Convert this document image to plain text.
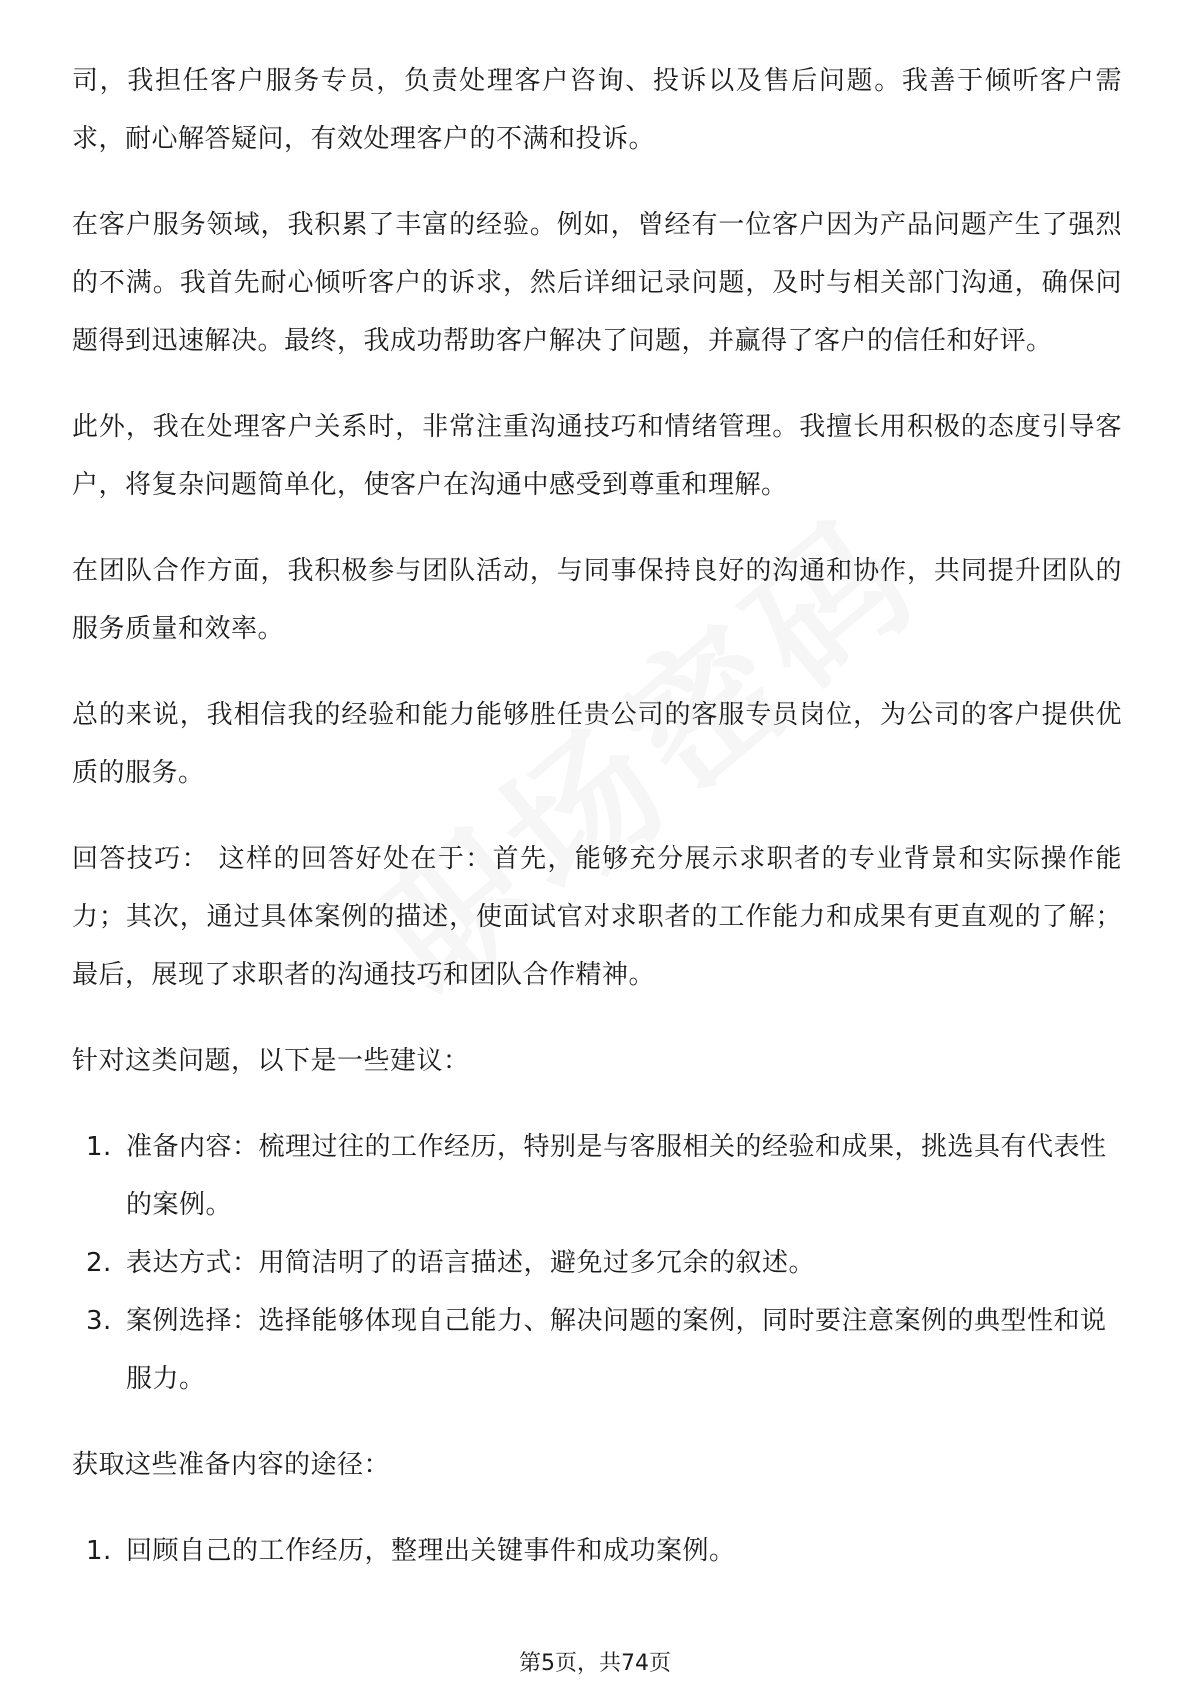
司，我担任客户服务专员，负责处理客户咨询、投诉以及售后问题。我善于倾听客户需求，耐心解答疑问，有效处理客户的不满和投诉。

在客户服务领域，我积累了丰富的经验。例如，曾经有一位客户因为产品问题产生了强烈的不满。我首先耐心倾听客户的诉求，然后详细记录问题，及时与相关部门沟通，确保问题得到迅速解决。最终，我成功帮助客户解决了问题，并赢得了客户的信任和好评。

此外，我在处理客户关系时，非常注重沟通技巧和情绪管理。我擅长用积极的态度引导客户，将复杂问题简单化，使客户在沟通中感受到尊重和理解。

在团队合作方面，我积极参与团队活动，与同事保持良好的沟通和协作，共同提升团队的服务质量和效率。

总的来说，我相信我的经验和能力能够胜任贵公司的客服专员岗位，为公司的客户提供优质的服务。

回答技巧： 这样的回答好处在于：首先，能够充分展示求职者的专业背景和实际操作能力；其次，通过具体案例的描述，使面试官对求职者的工作能力和成果有更直观的了解；最后，展现了求职者的沟通技巧和团队合作精神。

针对这类问题，以下是一些建议：

1. 准备内容：梳理过往的工作经历，特别是与客服相关的经验和成果，挑选具有代表性的案例。
2. 表达方式：用简洁明了的语言描述，避免过多冗余的叙述。
3. 案例选择：选择能够体现自己能力、解决问题的案例，同时要注意案例的典型性和说服力。

获取这些准备内容的途径：

1. 回顾自己的工作经历，整理出关键事件和成功案例。
第5页，共74页
